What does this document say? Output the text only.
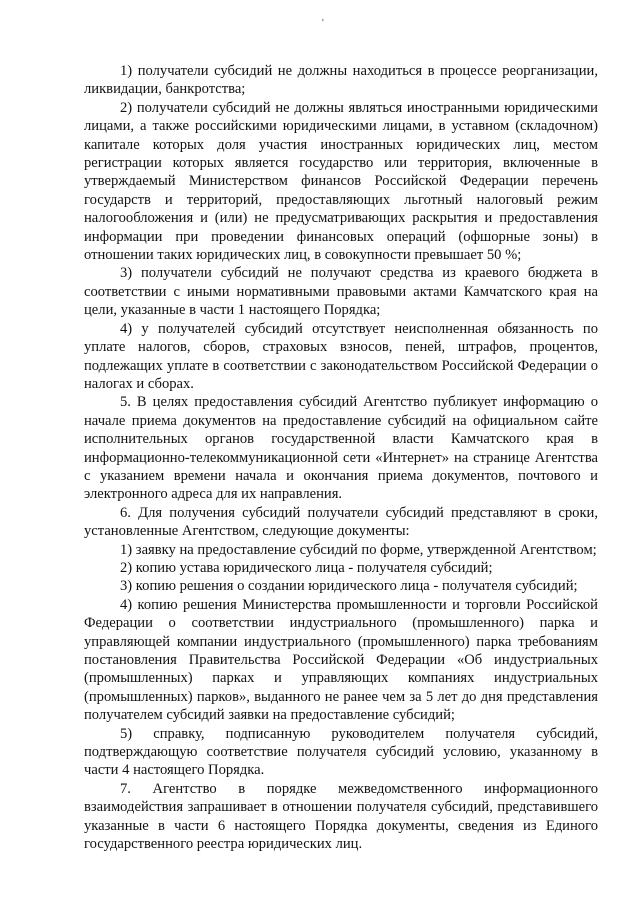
'

1) получатели субсидий не должны находиться в процессе реорганизации, ликвидации, банкротства;

2) получатели субсидий не должны являться иностранными юридическими лицами, а также российскими юридическими лицами, в уставном (складочном) капитале которых доля участия иностранных юридических лиц, местом регистрации которых является государство или территория, включенные в утверждаемый Министерством финансов Российской Федерации перечень государств и территорий, предоставляющих льготный налоговый режим налогообложения и (или) не предусматривающих раскрытия и предоставления информации при проведении финансовых операций (офшорные зоны) в отношении таких юридических лиц, в совокупности превышает 50 %;

3) получатели субсидий не получают средства из краевого бюджета в соответствии с иными нормативными правовыми актами Камчатского края на цели, указанные в части 1 настоящего Порядка;

4) у получателей субсидий отсутствует неисполненная обязанность по уплате налогов, сборов, страховых взносов, пеней, штрафов, процентов, подлежащих уплате в соответствии с законодательством Российской Федерации о налогах и сборах.

5. В целях предоставления субсидий Агентство публикует информацию о начале приема документов на предоставление субсидий на официальном сайте исполнительных органов государственной власти Камчатского края в информационно-телекоммуникационной сети «Интернет» на странице Агентства с указанием времени начала и окончания приема документов, почтового и электронного адреса для их направления.

6. Для получения субсидий получатели субсидий представляют в сроки, установленные Агентством, следующие документы:

1) заявку на предоставление субсидий по форме, утвержденной Агентством;

2) копию устава юридического лица - получателя субсидий;

3) копию решения о создании юридического лица - получателя субсидий;

4) копию решения Министерства промышленности и торговли Российской Федерации о соответствии индустриального (промышленного) парка и управляющей компании индустриального (промышленного) парка требованиям постановления Правительства Российской Федерации «Об индустриальных (промышленных) парках и управляющих компаниях индустриальных (промышленных) парков», выданного не ранее чем за 5 лет до дня представления получателем субсидий заявки на предоставление субсидий;

5) справку, подписанную руководителем получателя субсидий, подтверждающую соответствие получателя субсидий условию, указанному в части 4 настоящего Порядка.

7. Агентство в порядке межведомственного информационного взаимодействия запрашивает в отношении получателя субсидий, представившего указанные в части 6 настоящего Порядка документы, сведения из Единого государственного реестра юридических лиц.
